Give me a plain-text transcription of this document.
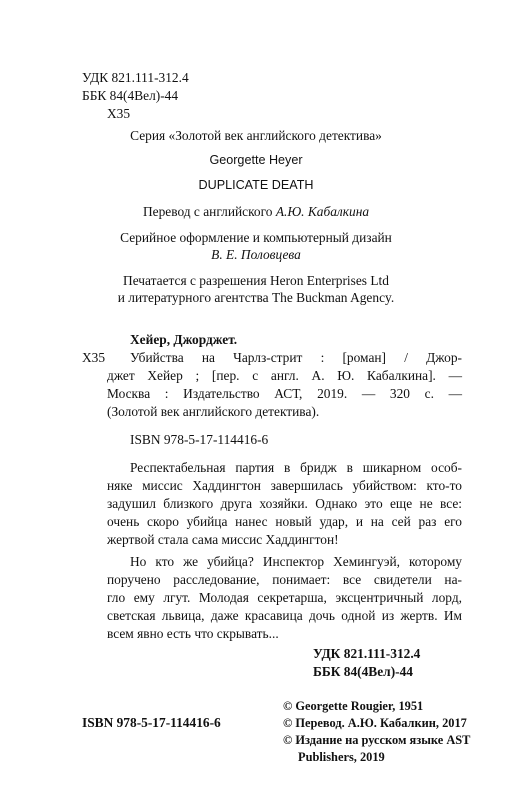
УДК 821.111-312.4
ББК 84(4Вел)-44
Х35
Серия «Золотой век английского детектива»
Georgette Heyer
DUPLICATE DEATH
Перевод с английского А.Ю. Кабалкина
Серийное оформление и компьютерный дизайн
В. Е. Половцева
Печатается с разрешения Heron Enterprises Ltd
и литературного агентства The Buckman Agency.
Хейер, Джорджет.
Х35 Убийства на Чарлз-стрит : [роман] / Джор-
джет Хейер ; [пер. с англ. А. Ю. Кабалкина]. —
Москва : Издательство АСТ, 2019. — 320 с. —
(Золотой век английского детектива).
ISBN 978-5-17-114416-6
Респектабельная партия в бридж в шикарном особ-
няке миссис Хаддингтон завершилась убийством: кто-то
задушил близкого друга хозяйки. Однако это еще не все:
очень скоро убийца нанес новый удар, и на сей раз его
жертвой стала сама миссис Хаддингтон!
Но кто же убийца? Инспектор Хемингуэй, которому
поручено расследование, понимает: все свидетели на-
гло ему лгут. Молодая секретарша, эксцентричный лорд,
светская львица, даже красавица дочь одной из жертв. Им
всем явно есть что скрывать...
УДК 821.111-312.4
ББК 84(4Вел)-44
© Georgette Rougier, 1951
© Перевод. А.Ю. Кабалкин, 2017
© Издание на русском языке AST
Publishers, 2019
ISBN 978-5-17-114416-6
